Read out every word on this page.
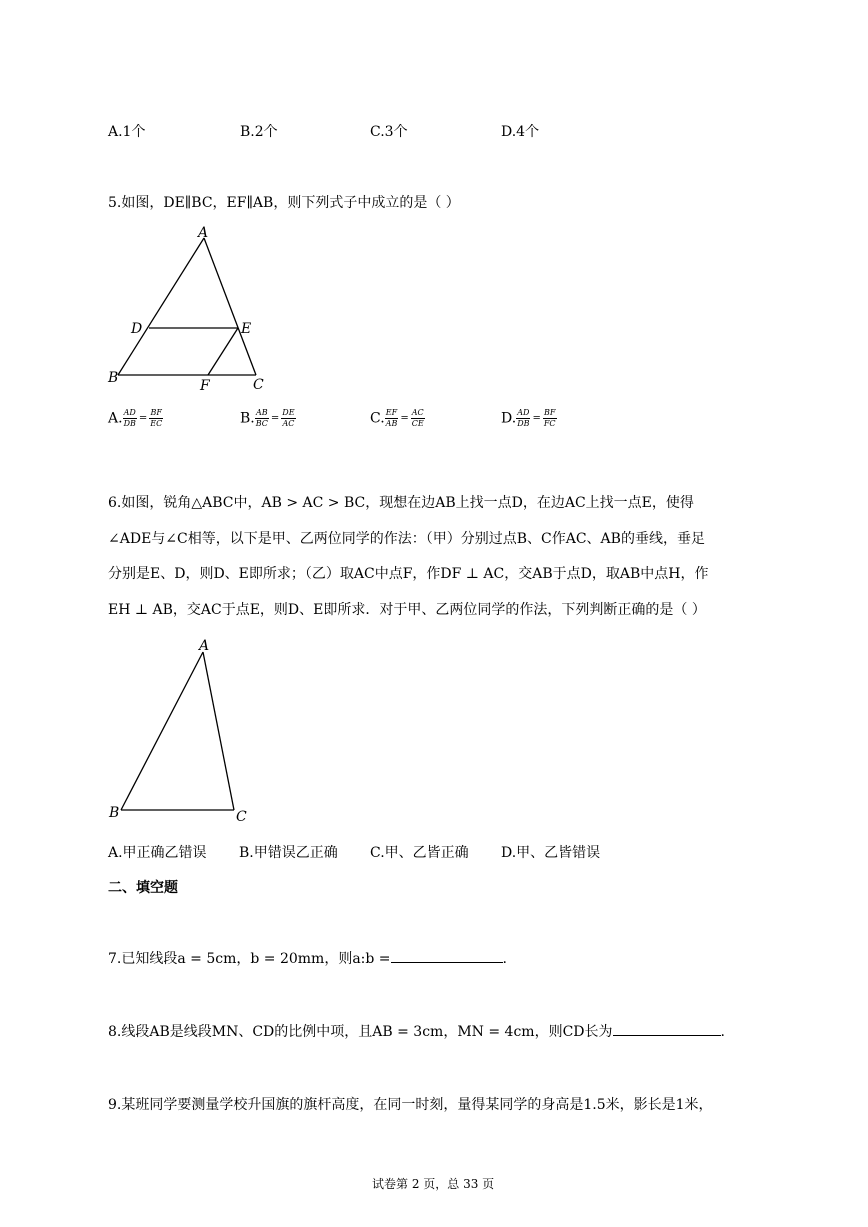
A.1个	B.2个	C.3个	D.4个
5.如图，DE∥BC，EF∥AB，则下列式子中成立的是（ ）
A
B	C
D	E
F
A. $\frac{AD}{DB} = \frac{BF}{EC}$	B. $\frac{AB}{BC} = \frac{DE}{AC}$	C. $\frac{EF}{AB} = \frac{AC}{CE}$	D. $\frac{AD}{DB} = \frac{BF}{FC}$
6.如图，锐角△ABC中，AB > AC > BC，现想在边AB上找一点D，在边AC上找一点E，使得
∠ADE与∠C相等，以下是甲、乙两位同学的作法：（甲）分别过点B、C作AC、AB的垂线，垂足
分别是E、D，则D、E即所求；（乙）取AC中点F，作DF ⊥ AC，交AB于点D，取AB中点H，作
EH ⊥ AB，交AC于点E，则D、E即所求．对于甲、乙两位同学的作法，下列判断正确的是（ ）
A
B	C
A.甲正确乙错误 B.甲错误乙正确 C.甲、乙皆正确 D.甲、乙皆错误
二、填空题
7.已知线段a = 5cm，b = 20mm，则a:b =	.
8.线段AB是线段MN、CD的比例中项，且AB = 3cm，MN = 4cm，则CD长为	.
9.某班同学要测量学校升国旗的旗杆高度，在同一时刻，量得某同学的身高是1.5米，影长是1米，
试卷第 2 页，总 33 页
